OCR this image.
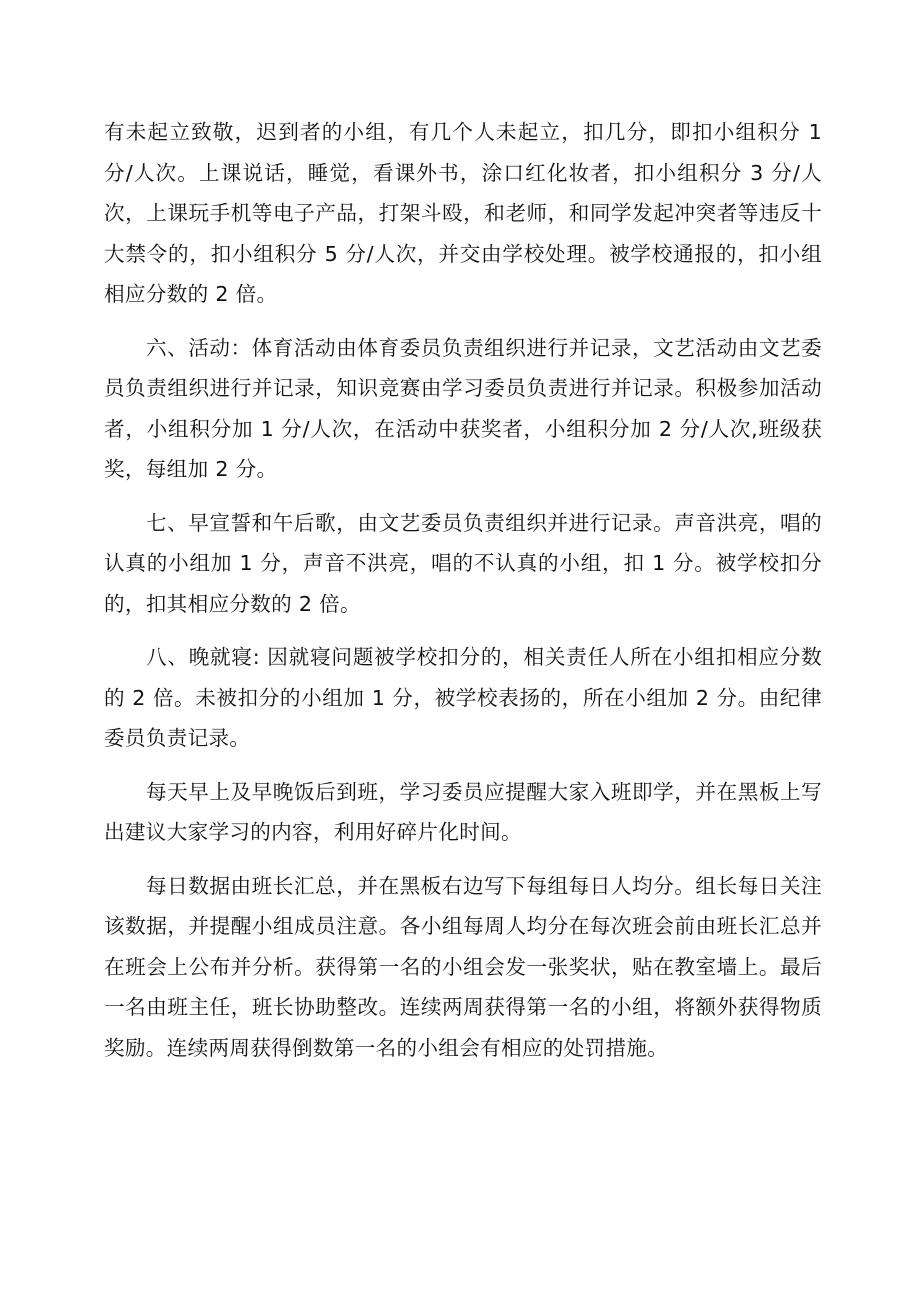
有未起立致敬，迟到者的小组，有几个人未起立，扣几分，即扣小组积分 1 分/人次。上课说话，睡觉，看课外书，涂口红化妆者，扣小组积分 3 分/人次，上课玩手机等电子产品，打架斗殴，和老师，和同学发起冲突者等违反十大禁令的，扣小组积分 5 分/人次，并交由学校处理。被学校通报的，扣小组相应分数的 2 倍。

六、活动：体育活动由体育委员负责组织进行并记录，文艺活动由文艺委员负责组织进行并记录，知识竞赛由学习委员负责进行并记录。积极参加活动者，小组积分加 1 分/人次，在活动中获奖者，小组积分加 2 分/人次,班级获奖，每组加 2 分。

七、早宣誓和午后歌，由文艺委员负责组织并进行记录。声音洪亮，唱的认真的小组加 1 分，声音不洪亮，唱的不认真的小组，扣 1 分。被学校扣分的，扣其相应分数的 2 倍。

八、晚就寝: 因就寝问题被学校扣分的，相关责任人所在小组扣相应分数的 2 倍。未被扣分的小组加 1 分，被学校表扬的，所在小组加 2 分。由纪律委员负责记录。

每天早上及早晚饭后到班，学习委员应提醒大家入班即学，并在黑板上写出建议大家学习的内容，利用好碎片化时间。

每日数据由班长汇总，并在黑板右边写下每组每日人均分。组长每日关注该数据，并提醒小组成员注意。各小组每周人均分在每次班会前由班长汇总并在班会上公布并分析。获得第一名的小组会发一张奖状，贴在教室墙上。最后一名由班主任，班长协助整改。连续两周获得第一名的小组，将额外获得物质奖励。连续两周获得倒数第一名的小组会有相应的处罚措施。
